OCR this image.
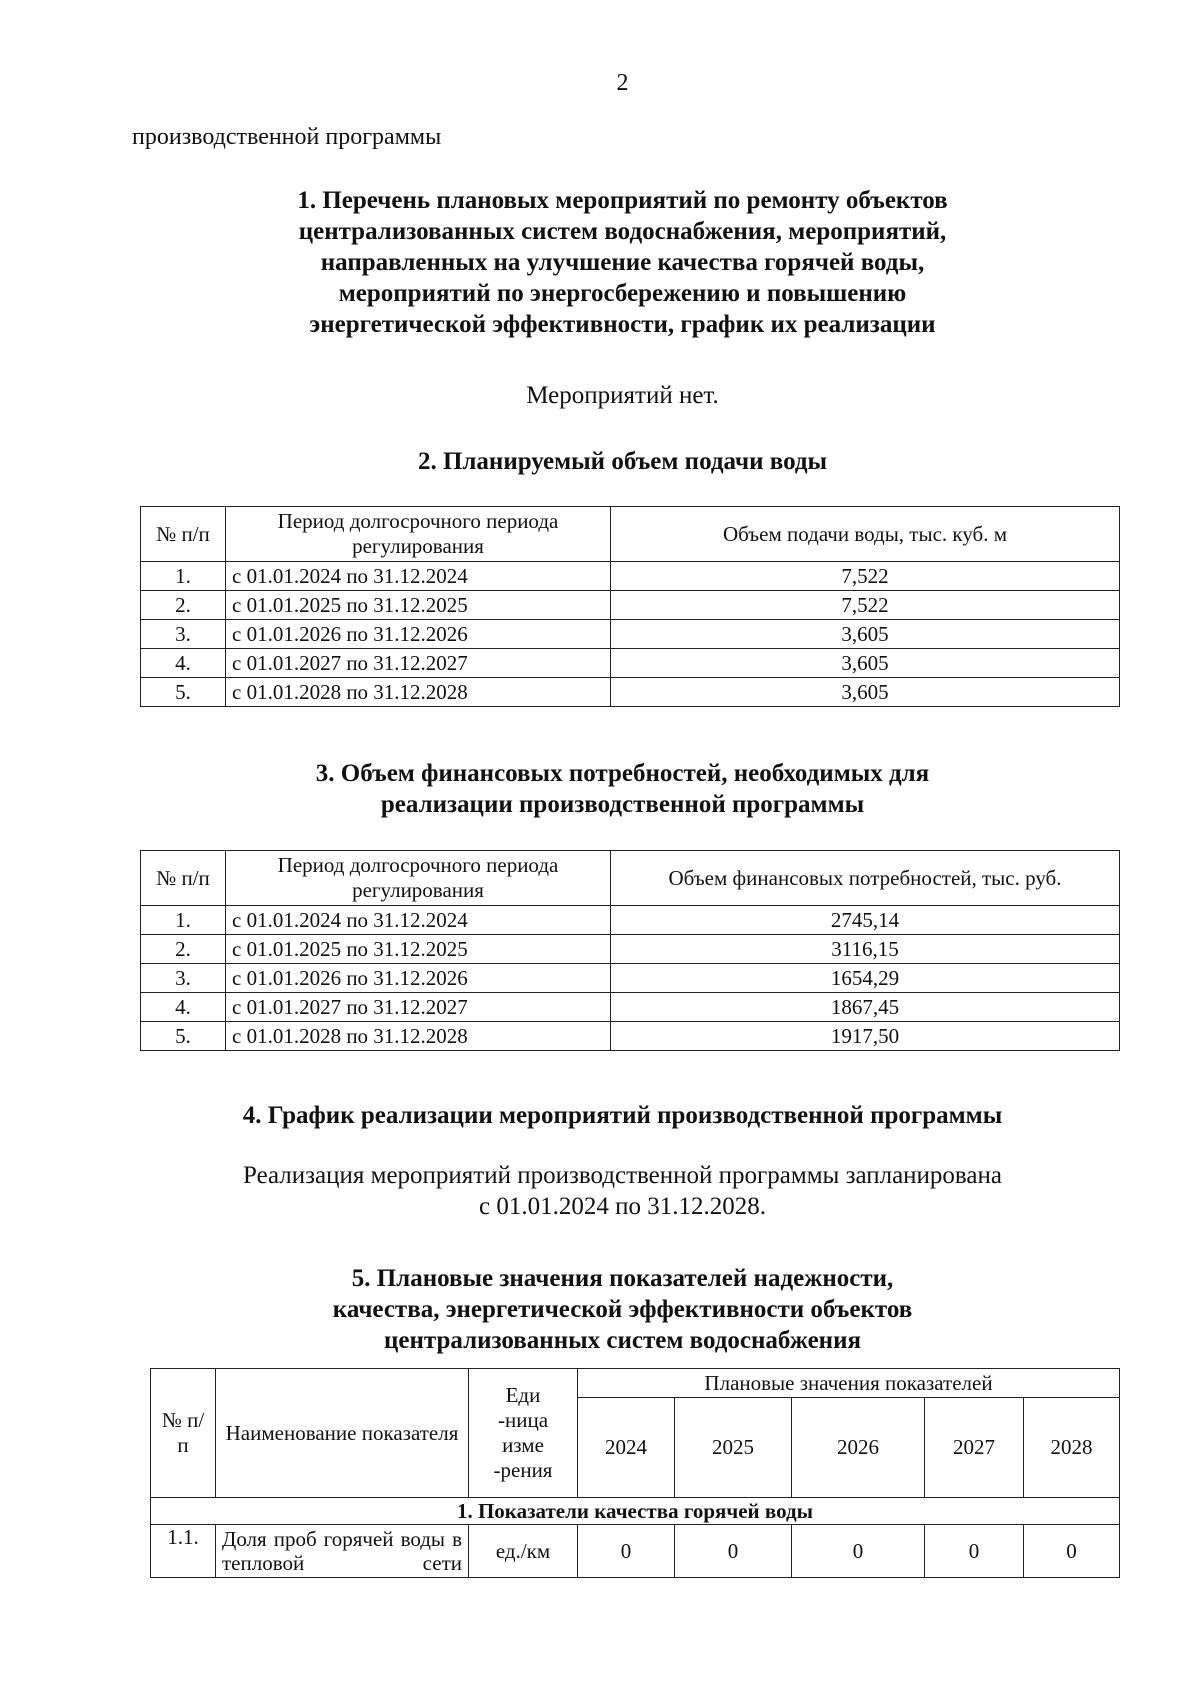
2
производственной программы
1. Перечень плановых мероприятий по ремонту объектов
централизованных систем водоснабжения, мероприятий,
направленных на улучшение качества горячей воды,
мероприятий по энергосбережению и повышению
энергетической эффективности, график их реализации
Мероприятий нет.
2. Планируемый объем подачи воды
№ п/п	Период долгосрочного периода регулирования	Объем подачи воды, тыс. куб. м
1.	с 01.01.2024 по 31.12.2024	7,522
2.	с 01.01.2025 по 31.12.2025	7,522
3.	с 01.01.2026 по 31.12.2026	3,605
4.	с 01.01.2027 по 31.12.2027	3,605
5.	с 01.01.2028 по 31.12.2028	3,605
3. Объем финансовых потребностей, необходимых для
реализации производственной программы
№ п/п	Период долгосрочного периода регулирования	Объем финансовых потребностей, тыс. руб.
1.	с 01.01.2024 по 31.12.2024	2745,14
2.	с 01.01.2025 по 31.12.2025	3116,15
3.	с 01.01.2026 по 31.12.2026	1654,29
4.	с 01.01.2027 по 31.12.2027	1867,45
5.	с 01.01.2028 по 31.12.2028	1917,50
4. График реализации мероприятий производственной программы
Реализация мероприятий производственной программы запланирована
с 01.01.2024 по 31.12.2028.
5. Плановые значения показателей надежности,
качества, энергетической эффективности объектов
централизованных систем водоснабжения
№ п/п	Наименование показателя	Еди -ница изме -рения	Плановые значения показателей				
			2024	2025	2026	2027	2028
1. Показатели качества горячей воды							
1.1.	Доля проб горячей воды в тепловой сети	ед./км	0	0	0	0	0
